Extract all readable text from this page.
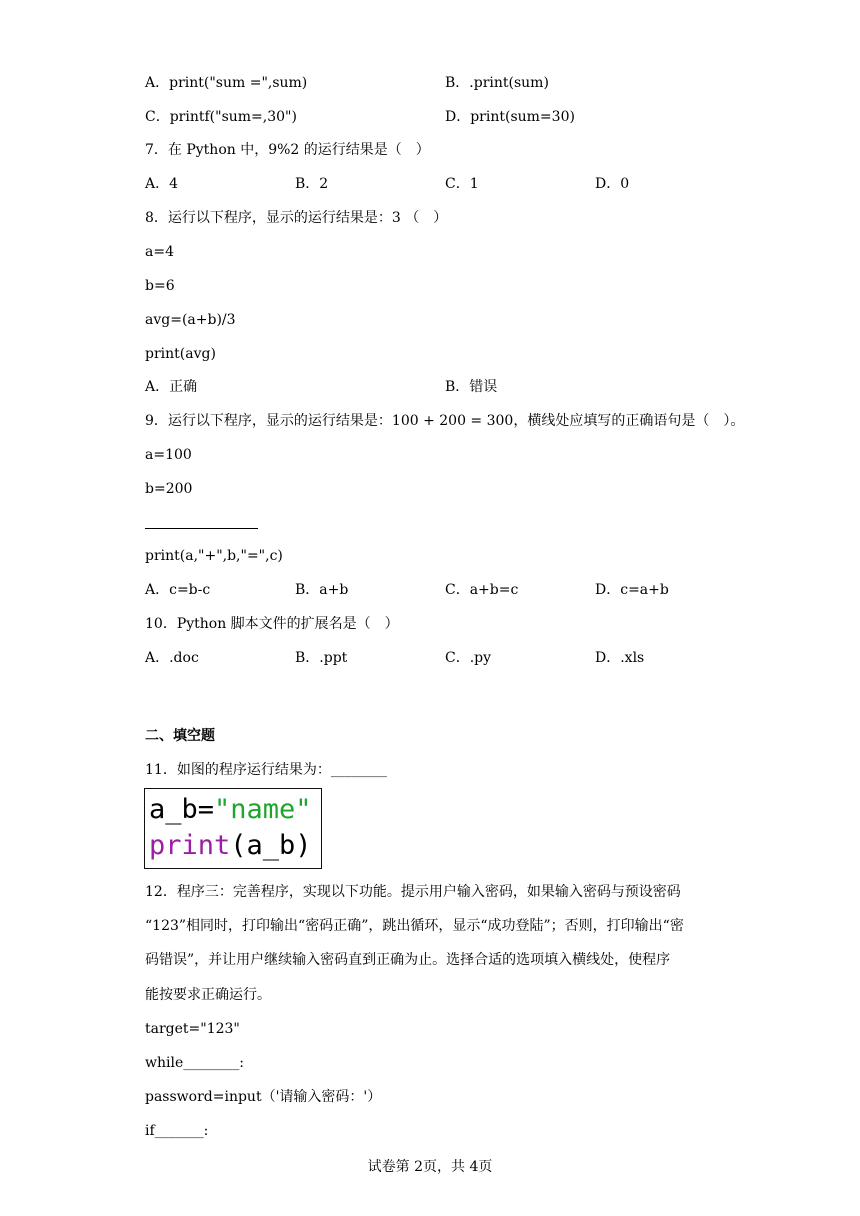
A．print("sum =",sum)	B．.print(sum)
C．printf("sum=,30")	D．print(sum=30)
7．在 Python 中，9%2 的运行结果是（　）
A．4	B．2	C．1	D．0
8．运行以下程序，显示的运行结果是：3 （　）
a=4
b=6
avg=(a+b)/3
print(avg)
A．正确	B．错误
9．运行以下程序，显示的运行结果是：100 + 200 = 300，横线处应填写的正确语句是（　）。
a=100
b=200
print(a,"+",b,"=",c)
A．c=b-c	B．a+b	C．a+b=c	D．c=a+b
10．Python 脚本文件的扩展名是（　）
A．.doc	B．.ppt	C．.py	D．.xls
二、填空题
11．如图的程序运行结果为：________
a_b="name"
print(a_b)
12．程序三：完善程序，实现以下功能。提示用户输入密码，如果输入密码与预设密码
“123”相同时，打印输出“密码正确”，跳出循环，显示“成功登陆”；否则，打印输出“密
码错误”，并让用户继续输入密码直到正确为止。选择合适的选项填入横线处，使程序
能按要求正确运行。
target="123"
while________:
password=input（'请输入密码：'）
if_______:
试卷第 2页，共 4页
